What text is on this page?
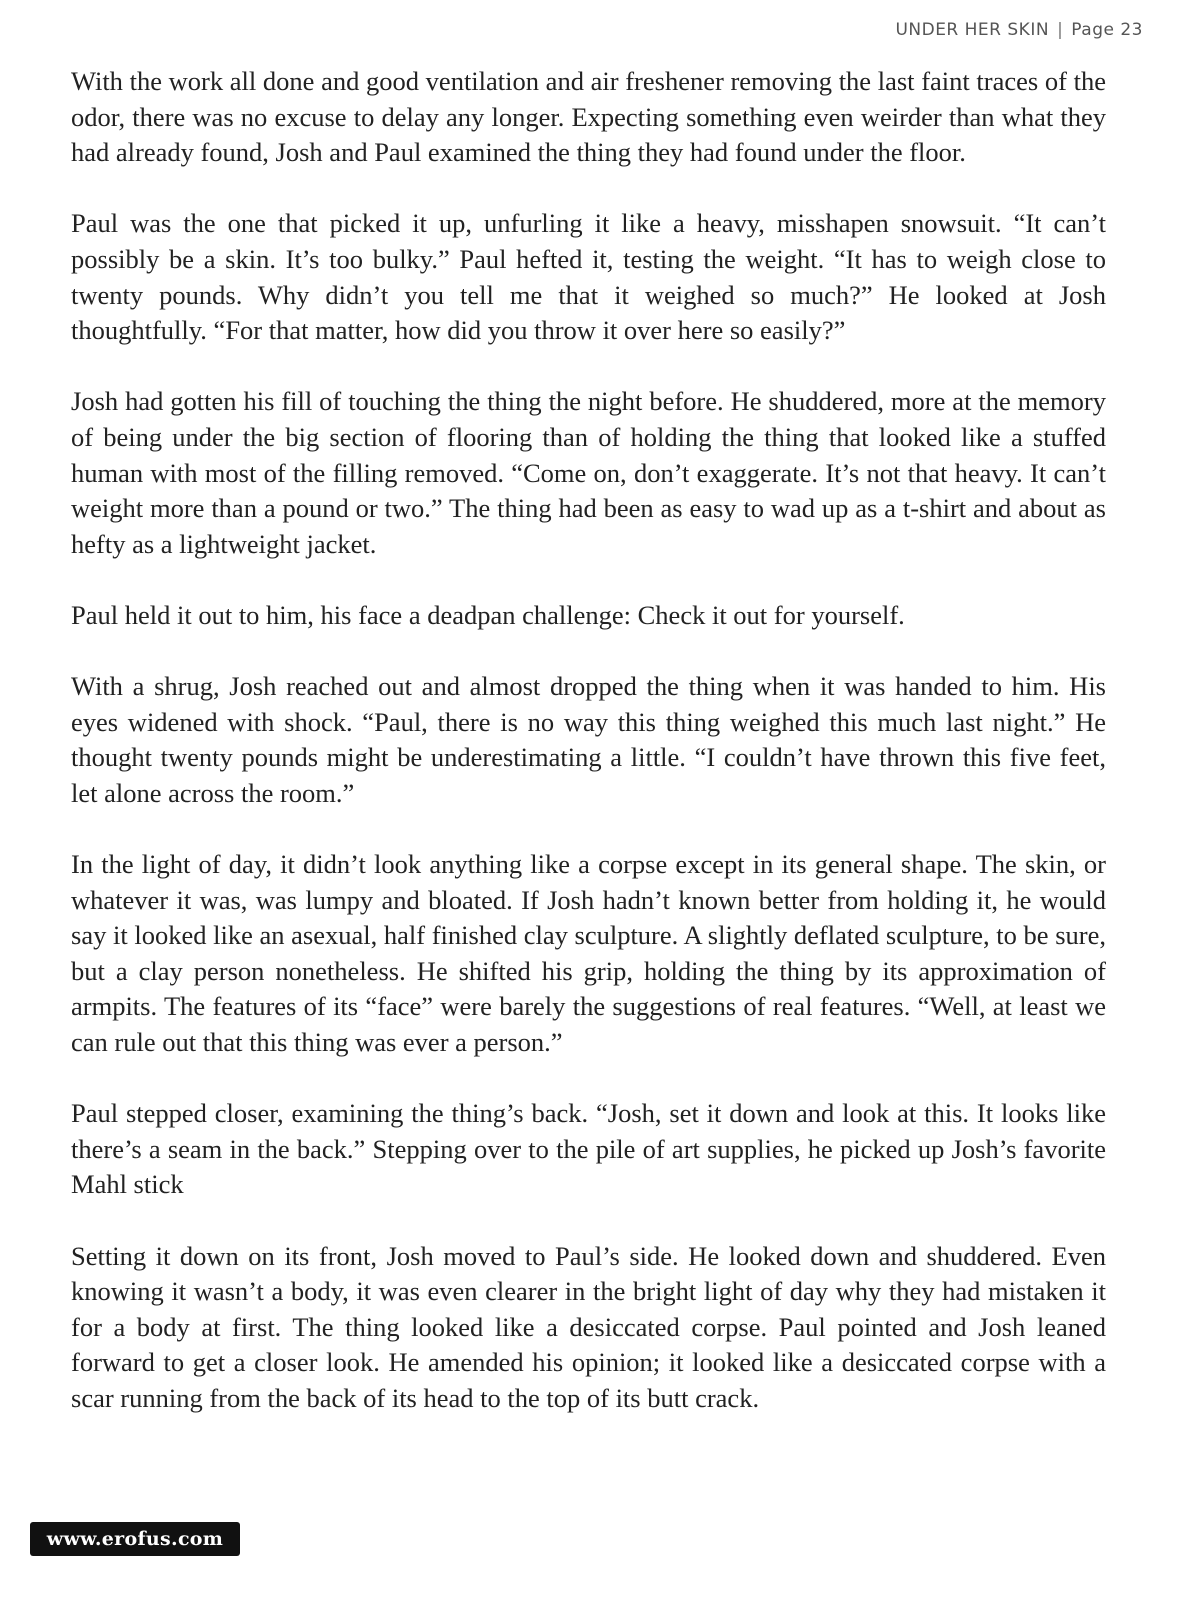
UNDER HER SKIN | Page 23

With the work all done and good ventilation and air freshener removing the last faint traces of the odor, there was no excuse to delay any longer. Expecting something even weirder than what they had already found, Josh and Paul examined the thing they had found under the floor.

Paul was the one that picked it up, unfurling it like a heavy, misshapen snowsuit. “It can’t possibly be a skin. It’s too bulky.” Paul hefted it, testing the weight. “It has to weigh close to twenty pounds. Why didn’t you tell me that it weighed so much?” He looked at Josh thoughtfully. “For that matter, how did you throw it over here so easily?”

Josh had gotten his fill of touching the thing the night before. He shuddered, more at the memory of being under the big section of flooring than of holding the thing that looked like a stuffed human with most of the filling removed. “Come on, don’t exaggerate. It’s not that heavy. It can’t weight more than a pound or two.” The thing had been as easy to wad up as a t-shirt and about as hefty as a lightweight jacket.

Paul held it out to him, his face a deadpan challenge: Check it out for yourself.

With a shrug, Josh reached out and almost dropped the thing when it was handed to him. His eyes widened with shock. “Paul, there is no way this thing weighed this much last night.” He thought twenty pounds might be underestimating a little. “I couldn’t have thrown this five feet, let alone across the room.”

In the light of day, it didn’t look anything like a corpse except in its general shape. The skin, or whatever it was, was lumpy and bloated. If Josh hadn’t known better from holding it, he would say it looked like an asexual, half finished clay sculpture. A slightly deflated sculpture, to be sure, but a clay person nonetheless. He shifted his grip, holding the thing by its approximation of armpits. The features of its “face” were barely the suggestions of real features. “Well, at least we can rule out that this thing was ever a person.”

Paul stepped closer, examining the thing’s back. “Josh, set it down and look at this. It looks like there’s a seam in the back.” Stepping over to the pile of art supplies, he picked up Josh’s favorite Mahl stick

Setting it down on its front, Josh moved to Paul’s side. He looked down and shuddered. Even knowing it wasn’t a body, it was even clearer in the bright light of day why they had mistaken it for a body at first. The thing looked like a desiccated corpse. Paul pointed and Josh leaned forward to get a closer look. He amended his opinion; it looked like a desiccated corpse with a scar running from the back of its head to the top of its butt crack.

www.erofus.com
